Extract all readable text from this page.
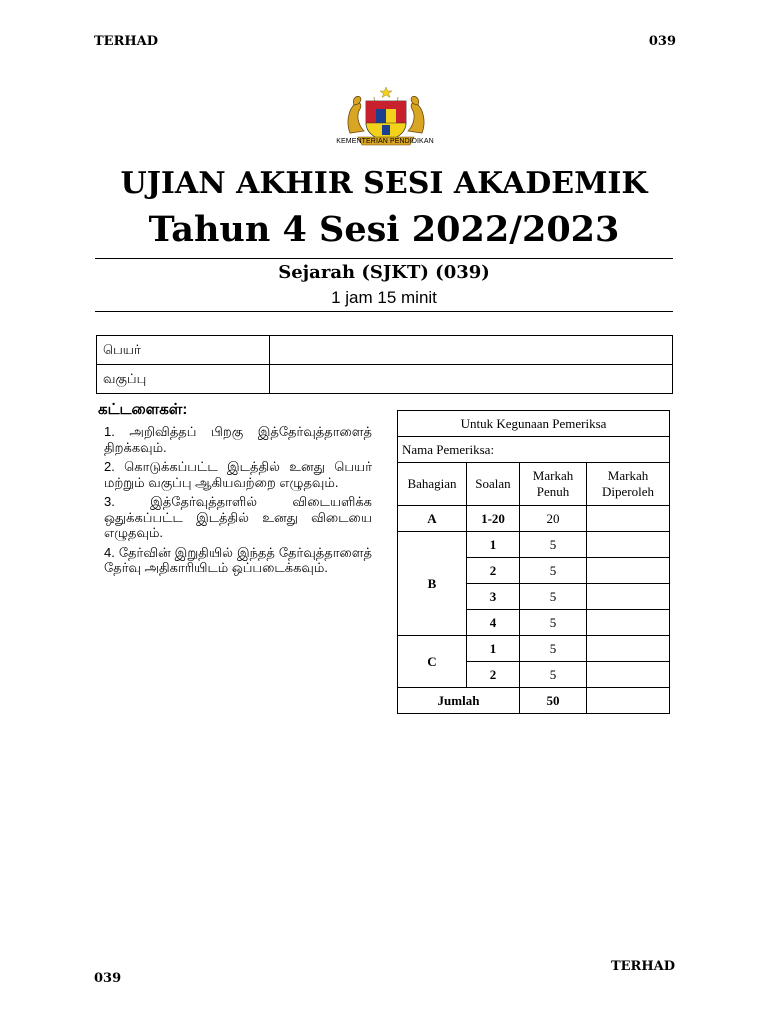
TERHAD	039
KEMENTERIAN PENDIDIKAN
UJIAN AKHIR SESI AKADEMIK
Tahun 4 Sesi 2022/2023
Sejarah (SJKT) (039)
1 jam 15 minit
பெயர்	
வகுப்பு	
கட்டளைகள்:
1. அறிவித்தப் பிறகு இத்தேர்வுத்தாளைத் திறக்கவும்.
2. கொடுக்கப்பட்ட இடத்தில் உனது பெயர் மற்றும் வகுப்பு ஆகியவற்றை எழுதவும்.
3. இத்தேர்வுத்தாளில் விடையளிக்க ஒதுக்கப்பட்ட இடத்தில் உனது விடையை எழுதவும்.
4. தேர்வின் இறுதியில் இந்தத் தேர்வுத்தாளைத் தேர்வு அதிகாரியிடம் ஒப்படைக்கவும்.
Untuk Kegunaan Pemeriksa			
Nama Pemeriksa:			
Bahagian	Soalan	Markah Penuh	Markah Diperoleh
A	1-20	20	
B	1	5	
	2	5	
	3	5	
	4	5	
C	1	5	
	2	5	
Jumlah		50	
TERHAD
039
